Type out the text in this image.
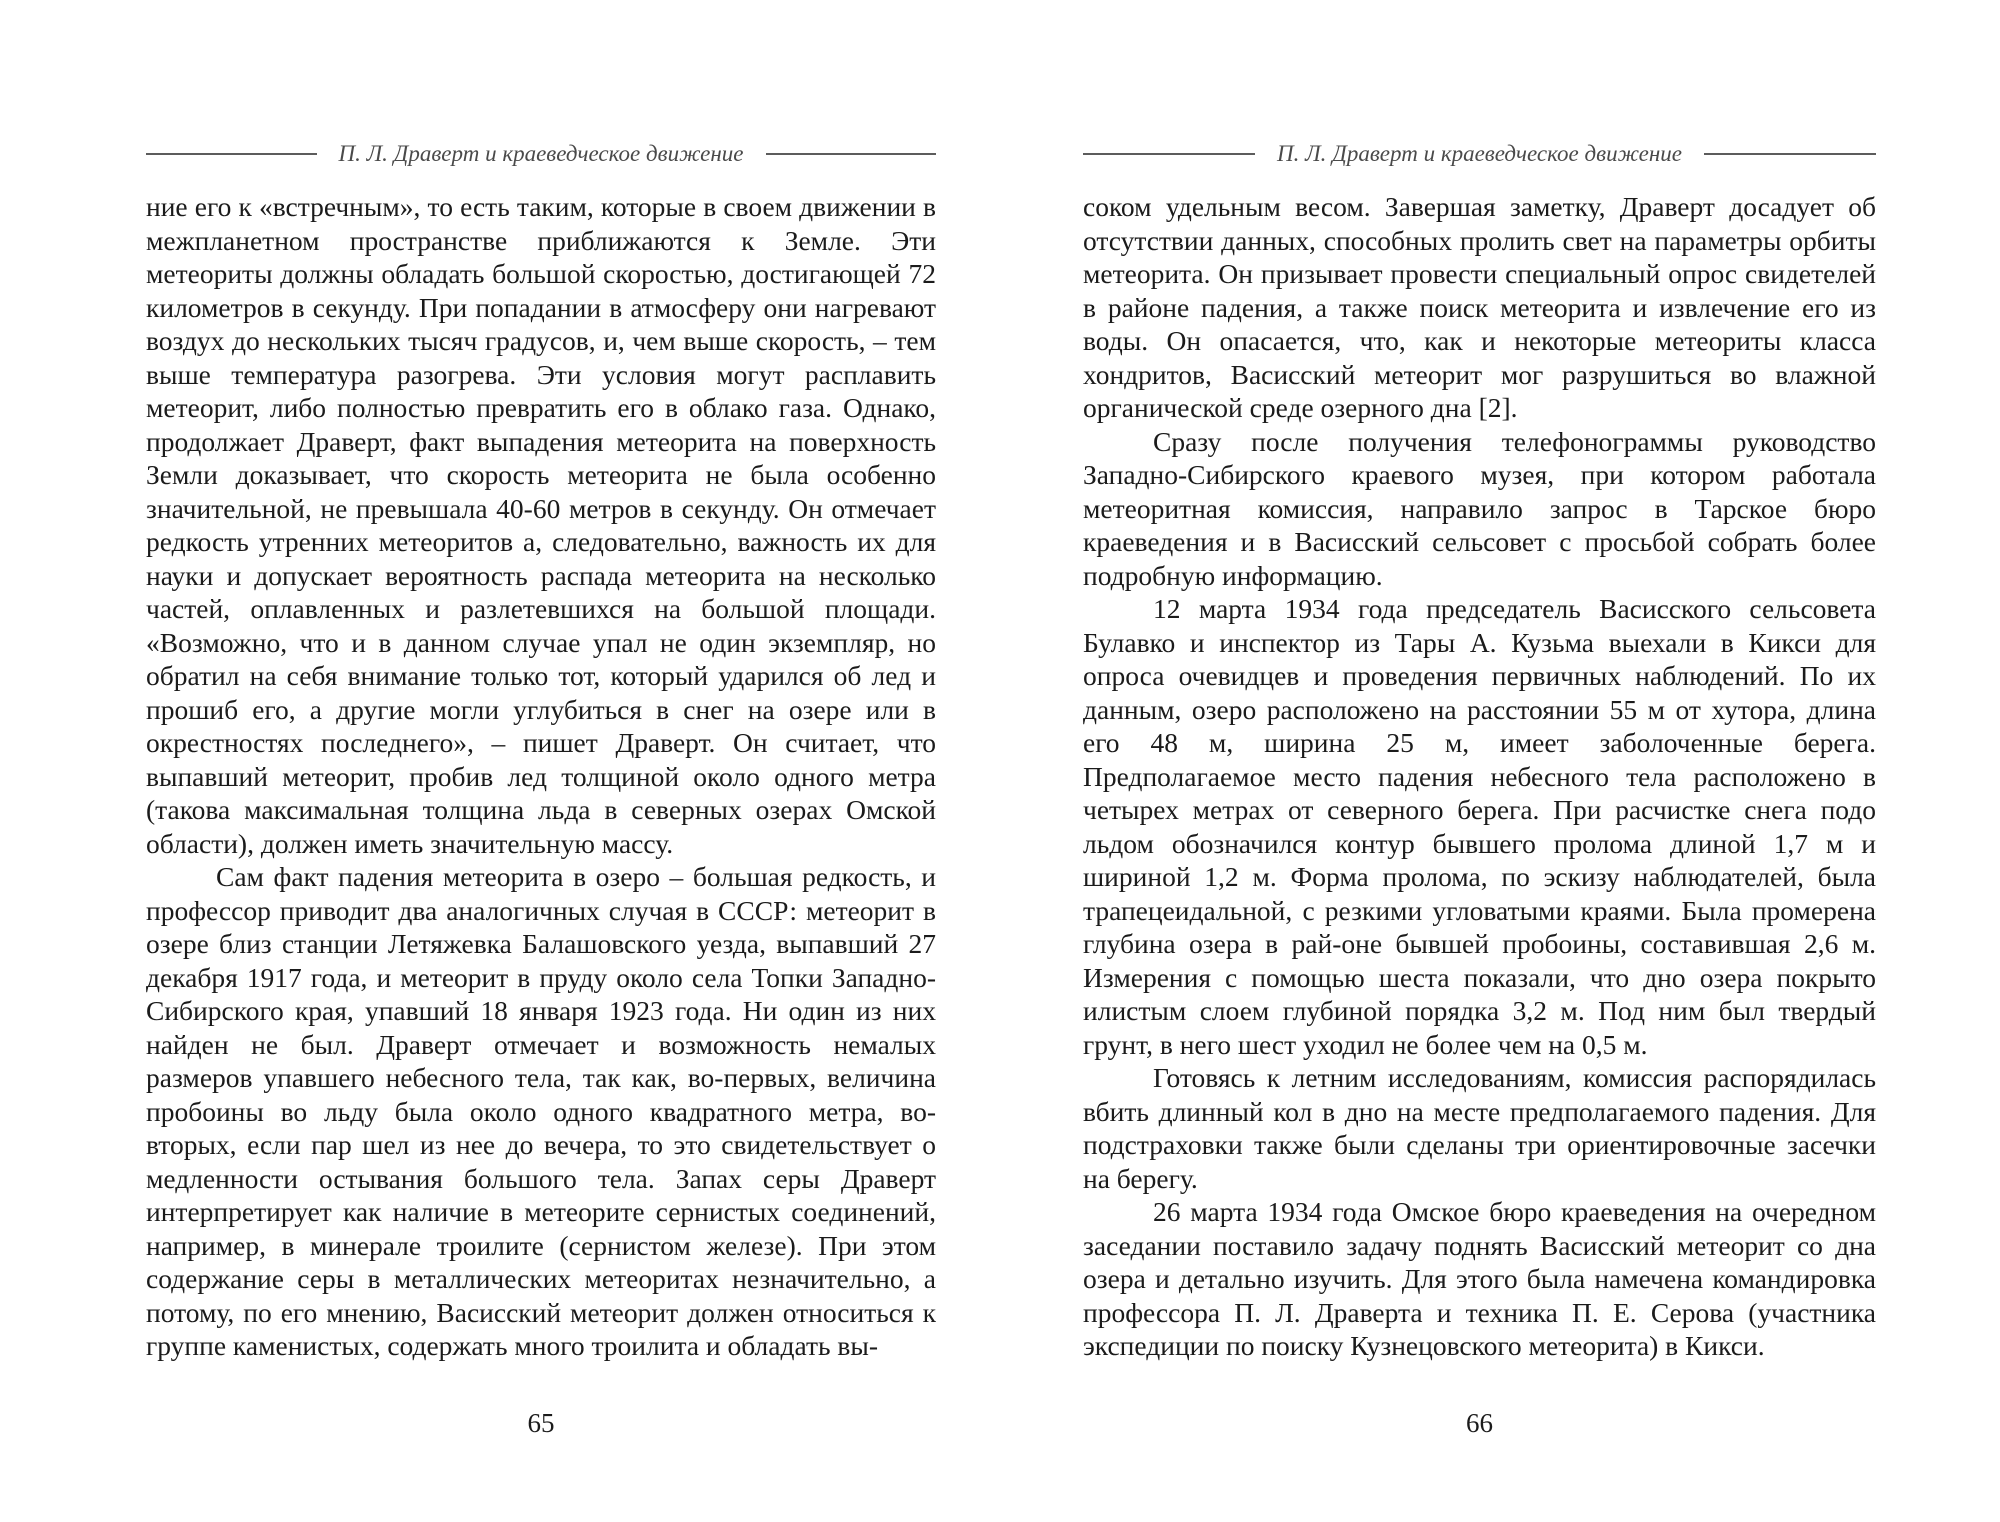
П. Л. Драверт и краеведческое движение

ние его к «встречным», то есть таким, которые в своем движении в межпланетном пространстве приближаются к Земле. Эти метеориты должны обладать большой скоростью, достигающей 72 километров в секунду. При попадании в атмосферу они нагревают воздух до нескольких тысяч градусов, и, чем выше скорость, – тем выше температура разогрева. Эти условия могут расплавить метеорит, либо полностью превратить его в облако газа. Однако, продолжает Драверт, факт выпадения метеорита на поверхность Земли доказывает, что скорость метеорита не была особенно значительной, не превышала 40-60 метров в секунду. Он отмечает редкость утренних метеоритов а, следовательно, важность их для науки и допускает вероятность распада метеорита на несколько частей, оплавленных и разлетевшихся на большой площади. «Возможно, что и в данном случае упал не один экземпляр, но обратил на себя внимание только тот, который ударился об лед и прошиб его, а другие могли углубиться в снег на озере или в окрестностях последнего», – пишет Драверт. Он считает, что выпавший метеорит, пробив лед толщиной около одного метра (такова максимальная толщина льда в северных озерах Омской области), должен иметь значительную массу.

Сам факт падения метеорита в озеро – большая редкость, и профессор приводит два аналогичных случая в СССР: метеорит в озере близ станции Летяжевка Балашовского уезда, выпавший 27 декабря 1917 года, и метеорит в пруду около села Топки Западно-Сибирского края, упавший 18 января 1923 года. Ни один из них найден не был. Драверт отмечает и возможность немалых размеров упавшего небесного тела, так как, во-первых, величина пробоины во льду была около одного квадратного метра, во-вторых, если пар шел из нее до вечера, то это свидетельствует о медленности остывания большого тела. Запах серы Драверт интерпретирует как наличие в метеорите сернистых соединений, например, в минерале троилите (сернистом железе). При этом содержание серы в металлических метеоритах незначительно, а потому, по его мнению, Васисский метеорит должен относиться к группе каменистых, содержать много троилита и обладать вы-

65
П. Л. Драверт и краеведческое движение

соком удельным весом. Завершая заметку, Драверт досадует об отсутствии данных, способных пролить свет на параметры орбиты метеорита. Он призывает провести специальный опрос свидетелей в районе падения, а также поиск метеорита и извлечение его из воды. Он опасается, что, как и некоторые метеориты класса хондритов, Васисский метеорит мог разрушиться во влажной органической среде озерного дна [2].

Сразу после получения телефонограммы руководство Западно-Сибирского краевого музея, при котором работала метеоритная комиссия, направило запрос в Тарское бюро краеведения и в Васисский сельсовет с просьбой собрать более подробную информацию.

12 марта 1934 года председатель Васисского сельсовета Булавко и инспектор из Тары А. Кузьма выехали в Кикси для опроса очевидцев и проведения первичных наблюдений. По их данным, озеро расположено на расстоянии 55 м от хутора, длина его 48 м, ширина 25 м, имеет заболоченные берега. Предполагаемое место падения небесного тела расположено в четырех метрах от северного берега. При расчистке снега подо льдом обозначился контур бывшего пролома длиной 1,7 м и шириной 1,2 м. Форма пролома, по эскизу наблюдателей, была трапецеидальной, с резкими угловатыми краями. Была промерена глубина озера в рай-оне бывшей пробоины, составившая 2,6 м. Измерения с помощью шеста показали, что дно озера покрыто илистым слоем глубиной порядка 3,2 м. Под ним был твердый грунт, в него шест уходил не более чем на 0,5 м.

Готовясь к летним исследованиям, комиссия распорядилась вбить длинный кол в дно на месте предполагаемого падения. Для подстраховки также были сделаны три ориентировочные засечки на берегу.

26 марта 1934 года Омское бюро краеведения на очередном заседании поставило задачу поднять Васисский метеорит со дна озера и детально изучить. Для этого была намечена командировка профессора П. Л. Драверта и техника П. Е. Серова (участника экспедиции по поиску Кузнецовского метеорита) в Кикси.

66
